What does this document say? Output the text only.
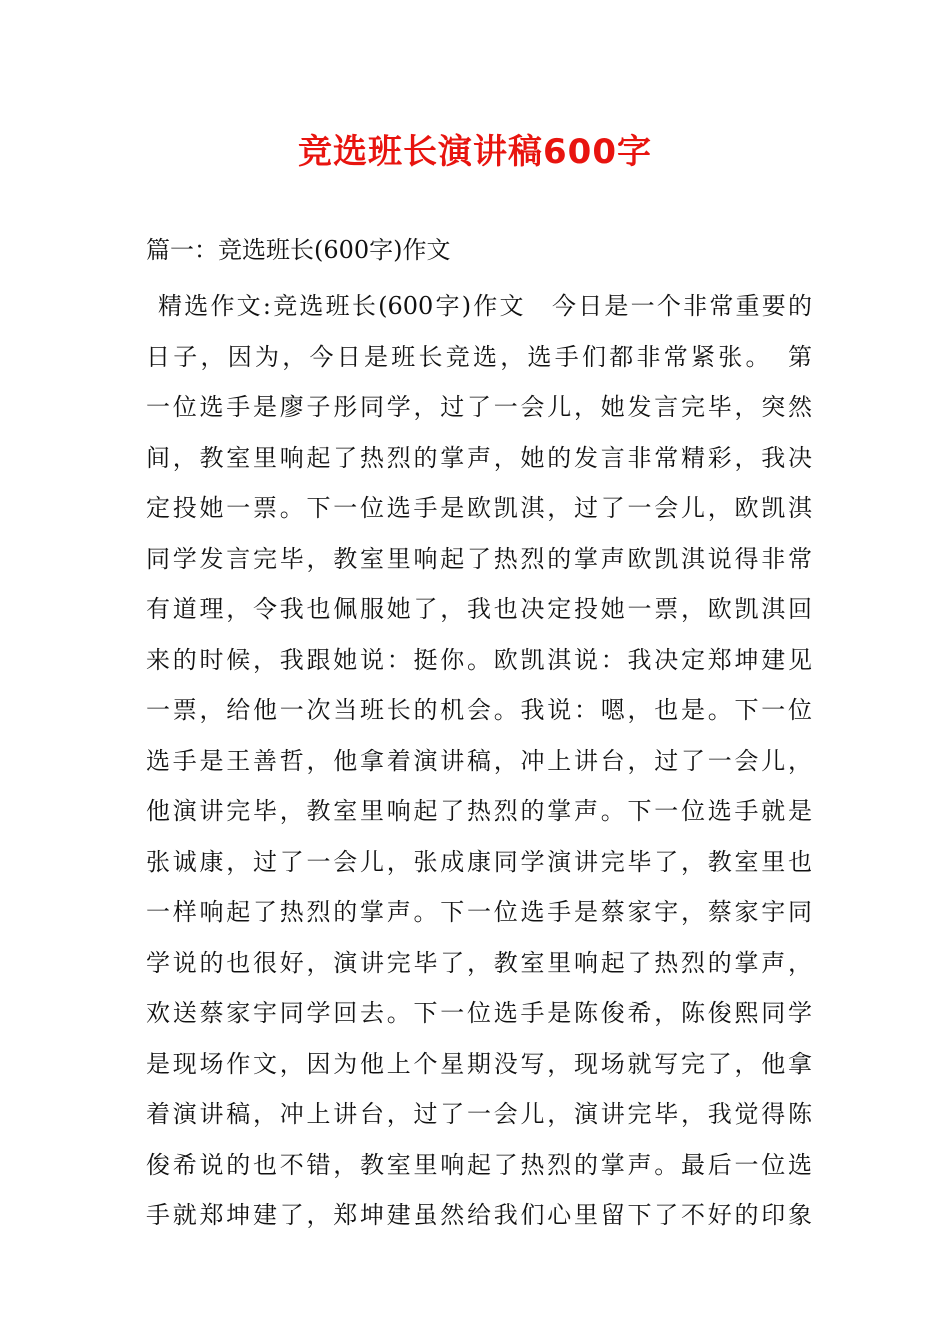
竞选班长演讲稿600字

篇一：竞选班长(600字)作文

精选作文:竞选班长(600字)作文　今日是一个非常重要的
日子，因为，今日是班长竞选，选手们都非常紧张。　第
一位选手是廖子彤同学，过了一会儿，她发言完毕，突然
间，教室里响起了热烈的掌声，她的发言非常精彩，我决
定投她一票。下一位选手是欧凯淇，过了一会儿，欧凯淇
同学发言完毕，教室里响起了热烈的掌声欧凯淇说得非常
有道理，令我也佩服她了，我也决定投她一票，欧凯淇回
来的时候，我跟她说：挺你。欧凯淇说：我决定郑坤建见
一票，给他一次当班长的机会。我说：嗯，也是。下一位
选手是王善哲，他拿着演讲稿，冲上讲台，过了一会儿，
他演讲完毕，教室里响起了热烈的掌声。下一位选手就是
张诚康，过了一会儿，张成康同学演讲完毕了，教室里也
一样响起了热烈的掌声。下一位选手是蔡家宇，蔡家宇同
学说的也很好，演讲完毕了，教室里响起了热烈的掌声，
欢送蔡家宇同学回去。下一位选手是陈俊希，陈俊熙同学
是现场作文，因为他上个星期没写，现场就写完了，他拿
着演讲稿，冲上讲台，过了一会儿，演讲完毕，我觉得陈
俊希说的也不错，教室里响起了热烈的掌声。最后一位选
手就郑坤建了，郑坤建虽然给我们心里留下了不好的印象
